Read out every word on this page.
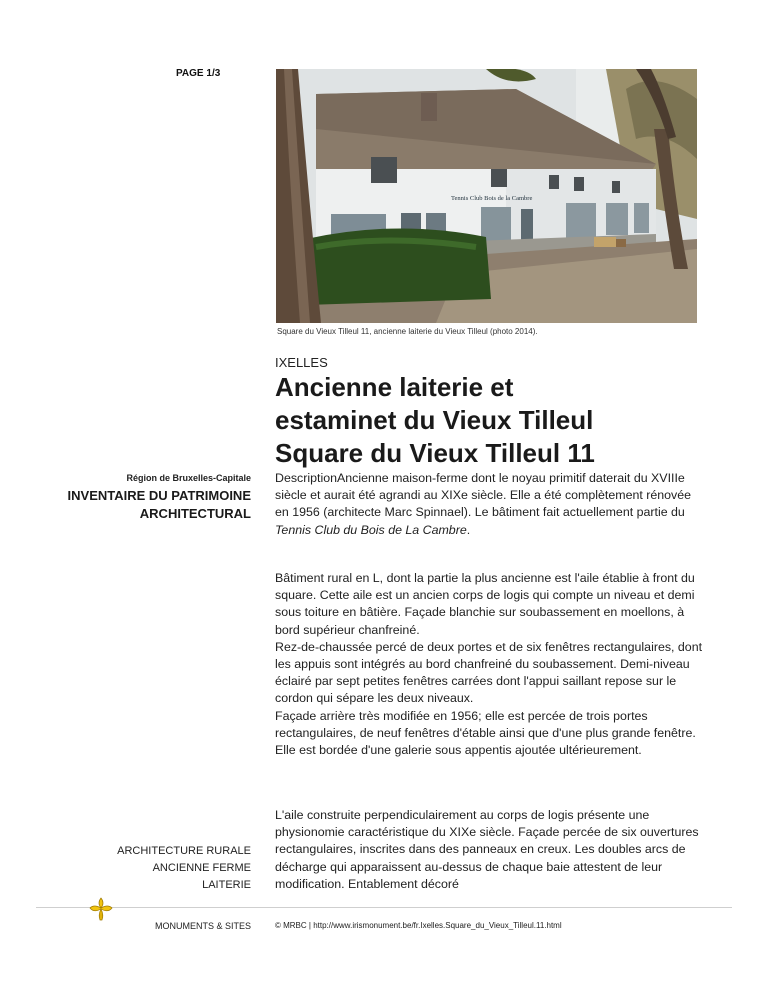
PAGE 1/3
Tennis Club Bois de la Cambre
Square du Vieux Tilleul 11, ancienne laiterie du Vieux Tilleul (photo 2014).
IXELLES
Ancienne laiterie et
estaminet du Vieux Tilleul
Square du Vieux Tilleul 11
Région de Bruxelles-Capitale
INVENTAIRE DU PATRIMOINE
ARCHITECTURAL

DescriptionAncienne maison-ferme dont le noyau primitif daterait du XVIIIe siècle et aurait été agrandi au XIXe siècle. Elle a été complètement rénovée en 1956 (architecte Marc Spinnael). Le bâtiment fait actuellement partie du Tennis Club du Bois de La Cambre.

Bâtiment rural en L, dont la partie la plus ancienne est l'aile établie à front du square. Cette aile est un ancien corps de logis qui compte un niveau et demi sous toiture en bâtière. Façade blanchie sur soubassement en moellons, à bord supérieur chanfreiné.
Rez-de-chaussée percé de deux portes et de six fenêtres rectangulaires, dont les appuis sont intégrés au bord chanfreiné du soubassement. Demi-niveau éclairé par sept petites fenêtres carrées dont l'appui saillant repose sur le cordon qui sépare les deux niveaux.
Façade arrière très modifiée en 1956; elle est percée de trois portes rectangulaires, de neuf fenêtres d'étable ainsi que d'une plus grande fenêtre. Elle est bordée d'une galerie sous appentis ajoutée ultérieurement.

L'aile construite perpendiculairement au corps de logis présente une physionomie caractéristique du XIXe siècle. Façade percée de six ouvertures rectangulaires, inscrites dans des panneaux en creux. Les doubles arcs de décharge qui apparaissent au-dessus de chaque baie attestent de leur modification. Entablement décoré

ARCHITECTURE RURALE
ANCIENNE FERME
LAITERIE
MONUMENTS & SITES	© MRBC | http://www.irismonument.be/fr.Ixelles.Square_du_Vieux_Tilleul.11.html
